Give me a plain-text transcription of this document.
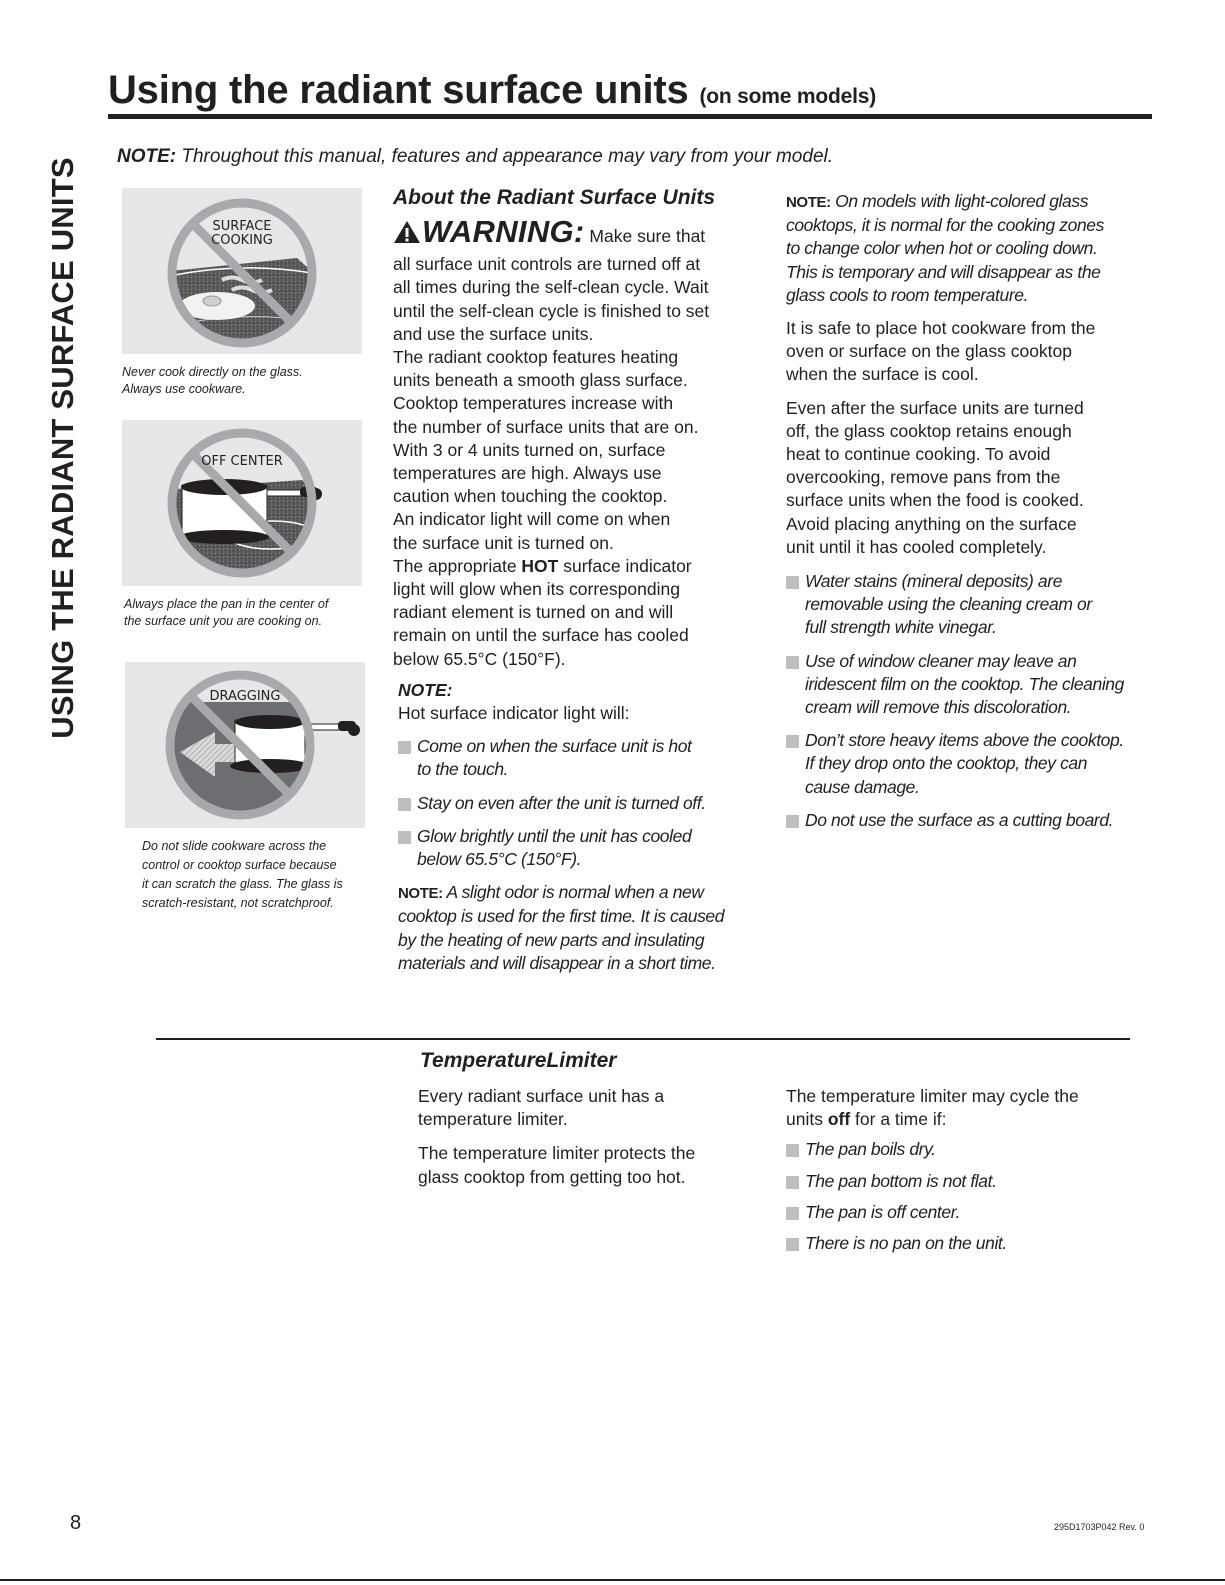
USING THE RADIANT SURFACE UNITS
Using the radiant surface units (on some models)
NOTE: Throughout this manual, features and appearance may vary from your model.
SURFACE
COOKING
Never cook directly on the glass.
Always use cookware.
OFF CENTER
Always place the pan in the center of
the surface unit you are cooking on.
DRAGGING
Do not slide cookware across the
control or cooktop surface because
it can scratch the glass. The glass is
scratch-resistant, not scratchproof.
About the Radiant Surface Units
WARNING: Make sure that

all surface unit controls are turned off at

all times during the self-clean cycle. Wait

until the self-clean cycle is finished to set

and use the surface units.

The radiant cooktop features heating

units beneath a smooth glass surface.

Cooktop temperatures increase with

the number of surface units that are on.

With 3 or 4 units turned on, surface

temperatures are high. Always use

caution when touching the cooktop.

An indicator light will come on when

the surface unit is turned on.

The appropriate HOT surface indicator

light will glow when its corresponding

radiant element is turned on and will

remain on until the surface has cooled

below 65.5°C (150°F).

NOTE:

Hot surface indicator light will:

Come on when the surface unit is hot
to the touch.
Stay on even after the unit is turned off.
Glow brightly until the unit has cooled
below 65.5°C (150°F).

NOTE: A slight odor is normal when a new

cooktop is used for the first time. It is caused

by the heating of new parts and insulating

materials and will disappear in a short time.

NOTE: On models with light-colored glass

cooktops, it is normal for the cooking zones

to change color when hot or cooling down.

This is temporary and will disappear as the

glass cools to room temperature.

It is safe to place hot cookware from the

oven or surface on the glass cooktop

when the surface is cool.

Even after the surface units are turned

off, the glass cooktop retains enough

heat to continue cooking. To avoid

overcooking, remove pans from the

surface units when the food is cooked.

Avoid placing anything on the surface

unit until it has cooled completely.

Water stains (mineral deposits) are
removable using the cleaning cream or
full strength white vinegar.
Use of window cleaner may leave an
iridescent film on the cooktop. The cleaning
cream will remove this discoloration.
Don’t store heavy items above the cooktop.
If they drop onto the cooktop, they can
cause damage.
Do not use the surface as a cutting board.
TemperatureLimiter

Every radiant surface unit has a

temperature limiter.

The temperature limiter protects the

glass cooktop from getting too hot.

The temperature limiter may cycle the

units off for a time if:

The pan boils dry.
The pan bottom is not flat.
The pan is off center.
There is no pan on the unit.
8	295D1703P042 Rev. 0
